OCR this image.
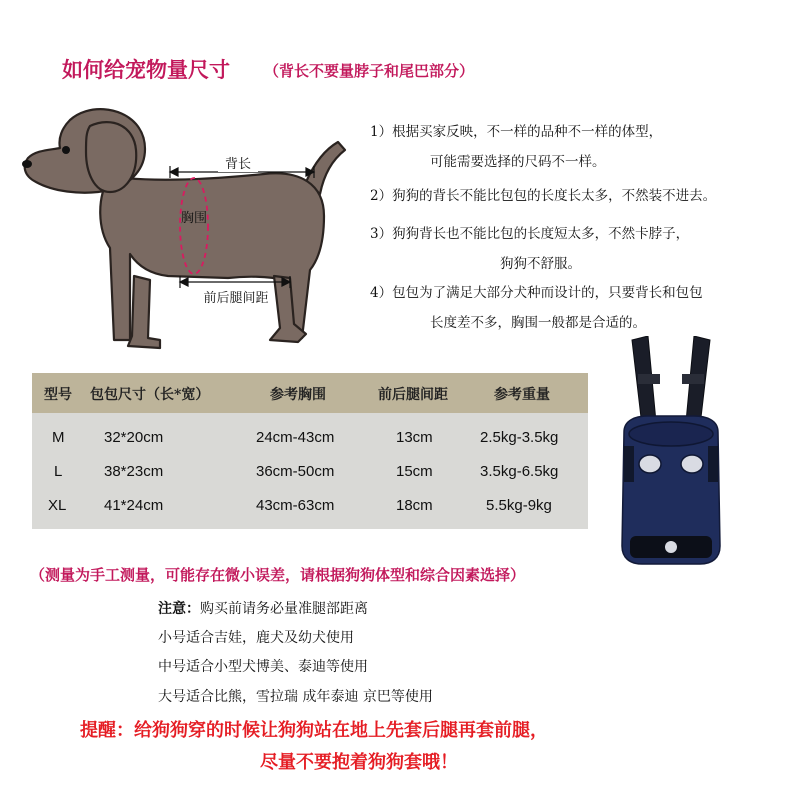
如何给宠物量尺寸 （背长不要量脖子和尾巴部分）
背长
胸围
前后腿间距
1）根据买家反映，不一样的品种不一样的体型，
可能需要选择的尺码不一样。
2）狗狗的背长不能比包包的长度长太多，不然装不进去。
3）狗狗背长也不能比包的长度短太多，不然卡脖子，
狗狗不舒服。
4）包包为了满足大部分犬种而设计的，只要背长和包包
长度差不多，胸围一般都是合适的。
型号 包包尺寸（长*宽）	参考胸围	前后腿间距	参考重量
M	32*20cm	24cm-43cm	13cm	2.5kg-3.5kg
L	38*23cm	36cm-50cm	15cm	3.5kg-6.5kg
XL	41*24cm	43cm-63cm	18cm	5.5kg-9kg
（测量为手工测量，可能存在微小误差，请根据狗狗体型和综合因素选择）
注意：购买前请务必量准腿部距离
小号适合吉娃，鹿犬及幼犬使用
中号适合小型犬博美、泰迪等使用
大号适合比熊，雪拉瑞 成年泰迪 京巴等使用
提醒：给狗狗穿的时候让狗狗站在地上先套后腿再套前腿，
尽量不要抱着狗狗套哦！
